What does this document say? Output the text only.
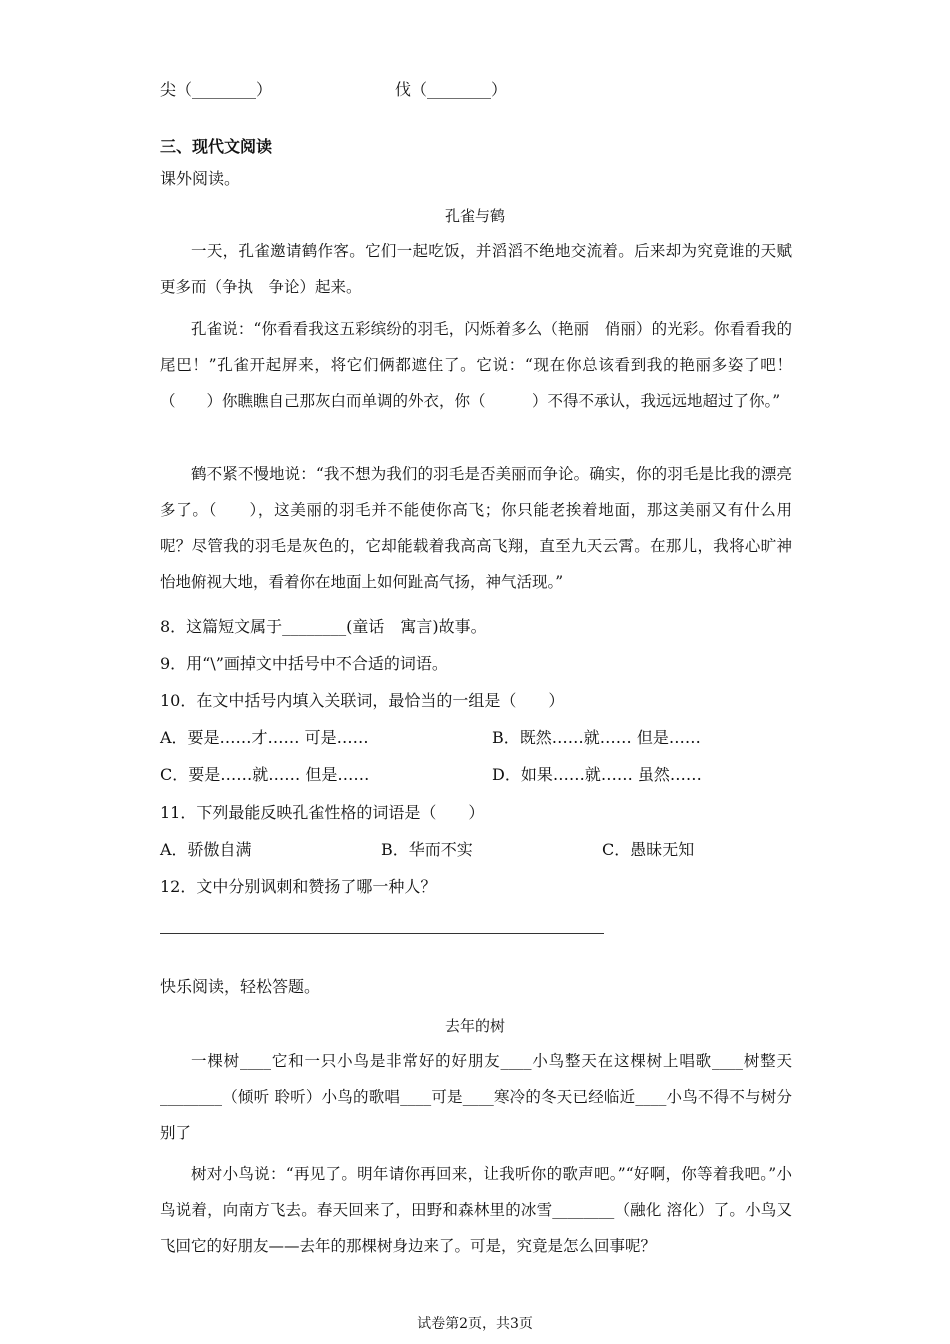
尖（________）	伐（________）
三、现代文阅读
课外阅读。
孔雀与鹤
一天，孔雀邀请鹤作客。它们一起吃饭，并滔滔不绝地交流着。后来却为究竟谁的天赋更多而（争执　争论）起来。
孔雀说：“你看看我这五彩缤纷的羽毛，闪烁着多么（艳丽　俏丽）的光彩。你看看我的尾巴！”孔雀开起屏来，将它们俩都遮住了。它说：“现在你总该看到我的艳丽多姿了吧！（　　）你瞧瞧自己那灰白而单调的外衣，你（　　　）不得不承认，我远远地超过了你。”
鹤不紧不慢地说：“我不想为我们的羽毛是否美丽而争论。确实，你的羽毛是比我的漂亮多了。（　　），这美丽的羽毛并不能使你高飞；你只能老挨着地面，那这美丽又有什么用呢？尽管我的羽毛是灰色的，它却能载着我高高飞翔，直至九天云霄。在那儿，我将心旷神怡地俯视大地，看着你在地面上如何趾高气扬，神气活现。”
8．这篇短文属于________(童话　寓言)故事。
9．用“\”画掉文中括号中不合适的词语。
10．在文中括号内填入关联词，最恰当的一组是（　　）
A．要是……才…… 可是……	B．既然……就…… 但是……
C．要是……就…… 但是……	D．如果……就…… 虽然……
11．下列最能反映孔雀性格的词语是（　　）
A．骄傲自满	B．华而不实	C．愚昧无知
12．文中分别讽刺和赞扬了哪一种人？
快乐阅读，轻松答题。
去年的树
一棵树____它和一只小鸟是非常好的好朋友____小鸟整天在这棵树上唱歌____树整天________（倾听 聆听）小鸟的歌唱____可是____寒冷的冬天已经临近____小鸟不得不与树分别了
树对小鸟说：“再见了。明年请你再回来，让我听你的歌声吧。”“好啊，你等着我吧。”小鸟说着，向南方飞去。春天回来了，田野和森林里的冰雪________（融化 溶化）了。小鸟又飞回它的好朋友——去年的那棵树身边来了。可是，究竟是怎么回事呢？
试卷第2页，共3页
